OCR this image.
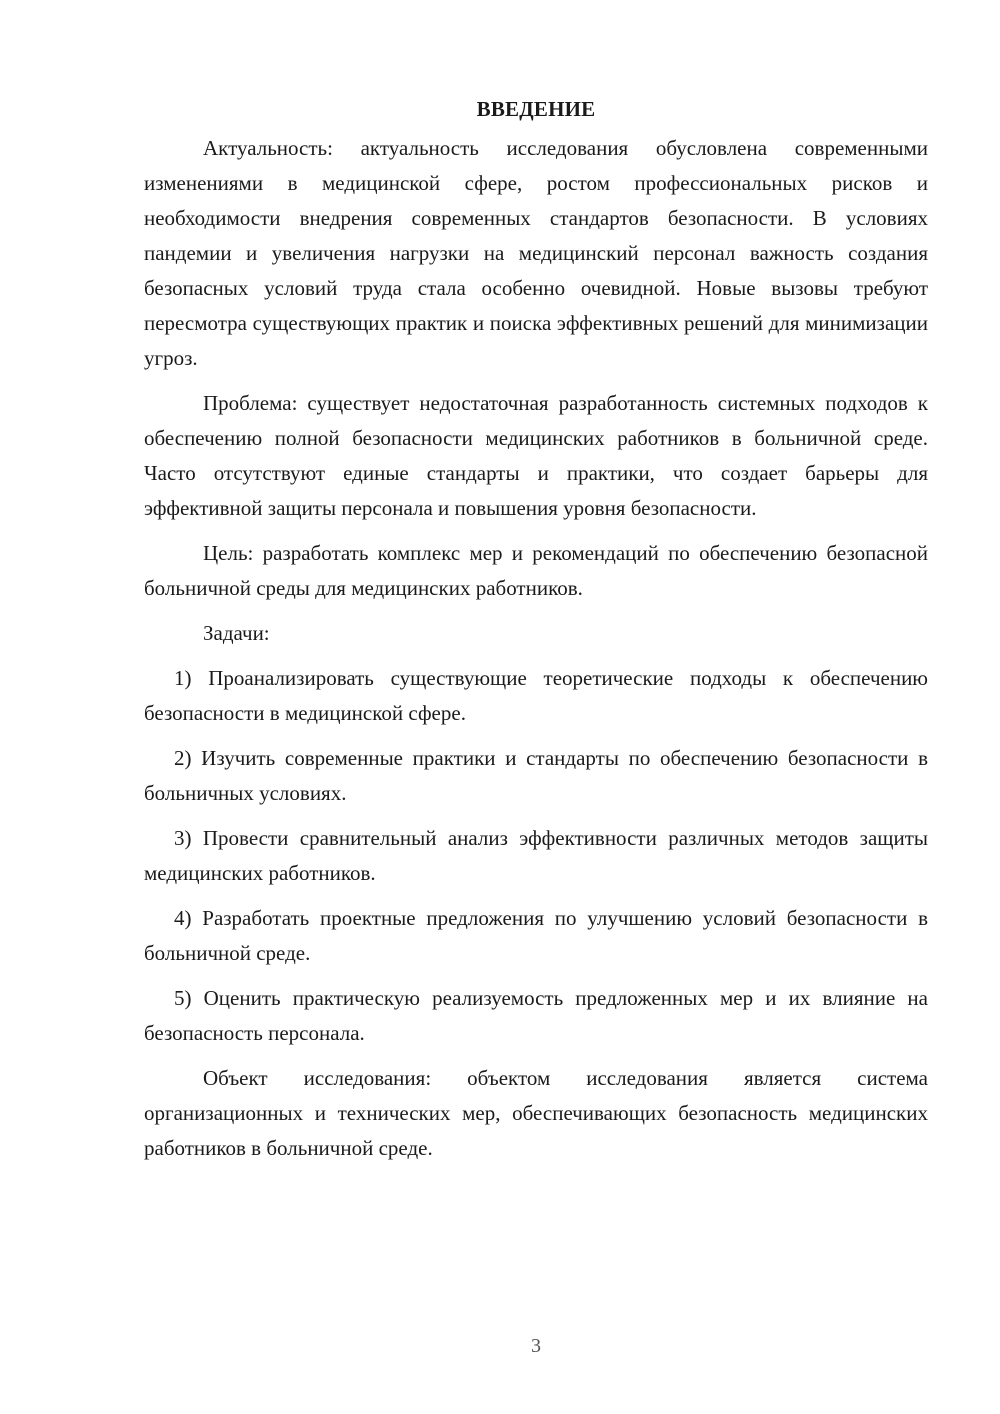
ВВЕДЕНИЕ

Актуальность: актуальность исследования обусловлена современными изменениями в медицинской сфере, ростом профессиональных рисков и необходимости внедрения современных стандартов безопасности. В условиях пандемии и увеличения нагрузки на медицинский персонал важность создания безопасных условий труда стала особенно очевидной. Новые вызовы требуют пересмотра существующих практик и поиска эффективных решений для минимизации угроз.

Проблема: существует недостаточная разработанность системных подходов к обеспечению полной безопасности медицинских работников в больничной среде. Часто отсутствуют единые стандарты и практики, что создает барьеры для эффективной защиты персонала и повышения уровня безопасности.

Цель: разработать комплекс мер и рекомендаций по обеспечению безопасной больничной среды для медицинских работников.

Задачи:

1) Проанализировать существующие теоретические подходы к обеспечению безопасности в медицинской сфере.

2) Изучить современные практики и стандарты по обеспечению безопасности в больничных условиях.

3) Провести сравнительный анализ эффективности различных методов защиты медицинских работников.

4) Разработать проектные предложения по улучшению условий безопасности в больничной среде.

5) Оценить практическую реализуемость предложенных мер и их влияние на безопасность персонала.

Объект исследования: объектом исследования является система организационных и технических мер, обеспечивающих безопасность медицинских работников в больничной среде.

3
